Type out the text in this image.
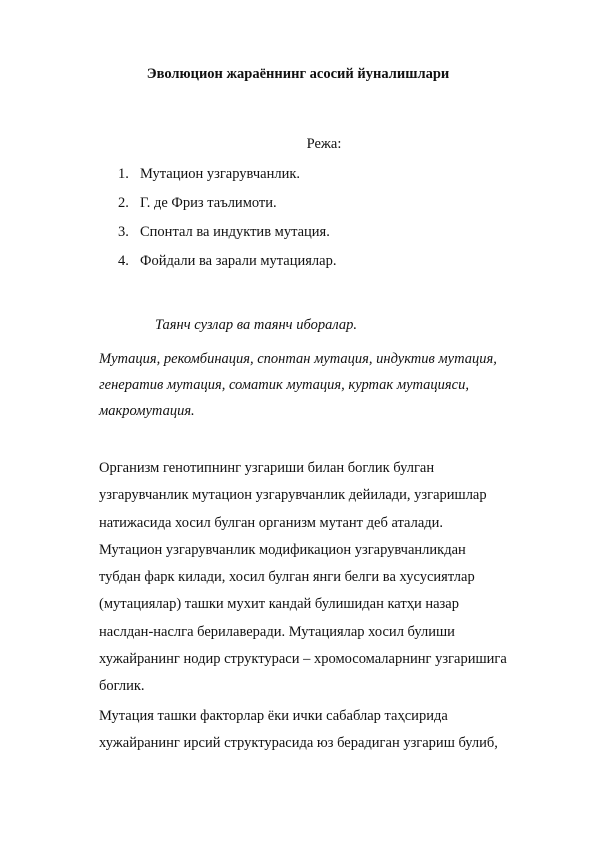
Эволюцион жараённинг асосий йуналишлари
Режа:
1. Мутацион узгарувчанлик.
2. Г. де Фриз таълимоти.
3. Спонтал ва индуктив мутация.
4. Фойдали ва зарали мутациялар.
Таянч сузлар ва таянч иборалар.
Мутация, рекомбинация, спонтан мутация, индуктив мутация,
генератив мутация, соматик мутация, куртак мутацияси,
макромутация.
Организм генотипнинг узгариши билан боглик булган
узгарувчанлик мутацион узгарувчанлик дейилади, узгаришлар
натижасида хосил булган организм мутант деб аталади.
Мутацион узгарувчанлик модификацион узгарувчанликдан
тубдан фарк килади, хосил булган янги белги ва хусусиятлар
(мутациялар) ташки мухит кандай булишидан катҳи назар
наслдан-наслга берилаверади. Мутациялар хосил булиши
хужайранинг нодир структураси – хромосомаларнинг узгаришига
боглик.
Мутация ташки факторлар ёки ички сабаблар таҳсирида
хужайранинг ирсий структурасида юз берадиган узгариш булиб,
